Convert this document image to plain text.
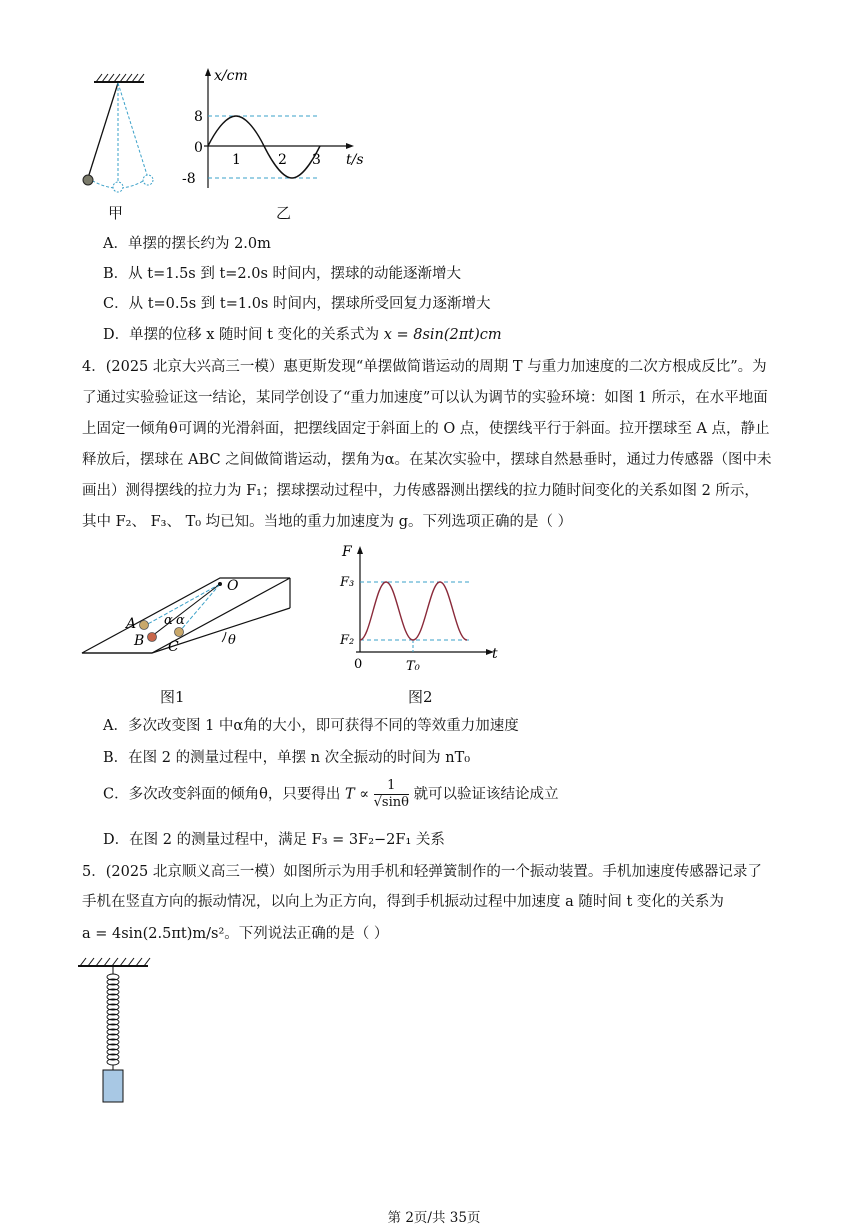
甲
x/cm
8
0
-8
1	2 3 t/s
乙
A．单摆的摆长约为 2.0m
B．从 t=1.5s 到 t=2.0s 时间内，摆球的动能逐渐增大
C．从 t=0.5s 到 t=1.0s 时间内，摆球所受回复力逐渐增大
D．单摆的位移 x 随时间 t 变化的关系式为 x = 8sin(2πt)cm
4．(2025 北京大兴高三一模）惠更斯发现“单摆做简谐运动的周期 T 与重力加速度的二次方根成反比”。为
了通过实验验证这一结论，某同学创设了“重力加速度”可以认为调节的实验环境：如图 1 所示，在水平地面
上固定一倾角θ可调的光滑斜面，把摆线固定于斜面上的 O 点，使摆线平行于斜面。拉开摆球至 A 点，静止
释放后，摆球在 ABC 之间做简谐运动，摆角为α。在某次实验中，摆球自然悬垂时，通过力传感器（图中未
画出）测得摆线的拉力为 F₁；摆球摆动过程中，力传感器测出摆线的拉力随时间变化的关系如图 2 所示，
其中 F₂、 F₃、 T₀ 均已知。当地的重力加速度为 g。下列选项正确的是（ ）
O
A
B C
α α
θ
图1
F
F₃
F₂
0	T₀
t
图2
A．多次改变图 1 中α角的大小，即可获得不同的等效重力加速度
B．在图 2 的测量过程中，单摆 n 次全振动的时间为 nT₀
C．多次改变斜面的倾角θ，只要得出 $T \propto \frac{1}{√\sin\theta}$ 就可以验证该结论成立
D．在图 2 的测量过程中，满足 F₃ = 3F₂−2F₁ 关系
5．(2025 北京顺义高三一模）如图所示为用手机和轻弹簧制作的一个振动装置。手机加速度传感器记录了
手机在竖直方向的振动情况，以向上为正方向，得到手机振动过程中加速度 a 随时间 t 变化的关系为
a = 4sin(2.5πt)m/s²。下列说法正确的是（ ）
第 2页/共 35页
